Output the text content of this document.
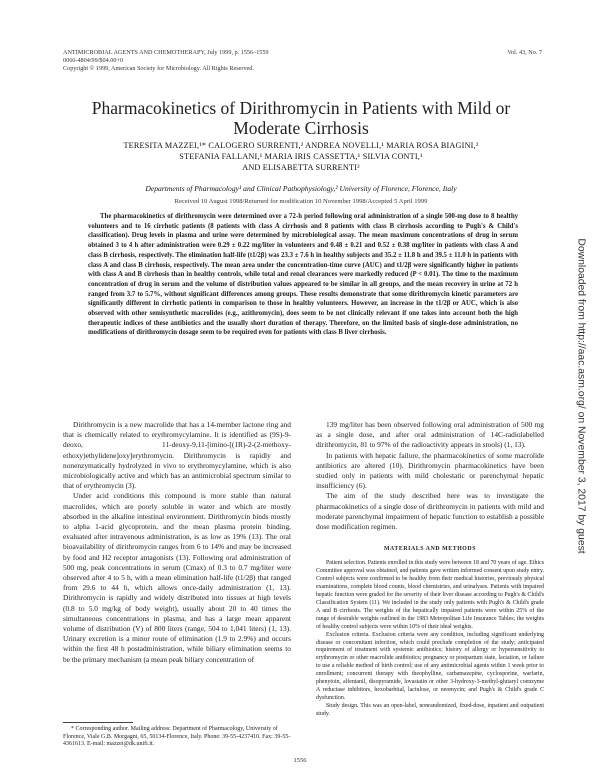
ANTIMICROBIAL AGENTS AND CHEMOTHERAPY, July 1999, p. 1556–1559
0066-4804/99/$04.00+0
Copyright © 1999, American Society for Microbiology. All Rights Reserved.
Vol. 43, No. 7
Pharmacokinetics of Dirithromycin in Patients with Mild or Moderate Cirrhosis
TERESITA MAZZEI,¹* CALOGERO SURRENTI,² ANDREA NOVELLI,¹ MARIA ROSA BIAGINI,²
STEFANIA FALLANI,¹ MARIA IRIS CASSETTA,¹ SILVIA CONTI,¹
AND ELISABETTA SURRENTI²
Departments of Pharmacology¹ and Clinical Pathophysiology,² University of Florence, Florence, Italy
Received 10 August 1998/Returned for modification 10 November 1998/Accepted 5 April 1999
The pharmacokinetics of dirithromycin were determined over a 72-h period following oral administration of a single 500-mg dose to 8 healthy volunteers and to 16 cirrhotic patients (8 patients with class A cirrhosis and 8 patients with class B cirrhosis according to Pugh's & Child's classification). Drug levels in plasma and urine were determined by microbiological assay. The mean maximum concentrations of drug in serum obtained 3 to 4 h after administration were 0.29 ± 0.22 mg/liter in volunteers and 0.48 ± 0.21 and 0.52 ± 0.38 mg/liter in patients with class A and class B cirrhosis, respectively. The elimination half-life (t1/2β) was 23.3 ± 7.6 h in healthy subjects and 35.2 ± 11.8 h and 39.5 ± 11.0 h in patients with class A and class B cirrhosis, respectively. The mean area under the concentration-time curve (AUC) and t1/2β were significantly higher in patients with class A and B cirrhosis than in healthy controls, while total and renal clearances were markedly reduced (P < 0.01). The time to the maximum concentration of drug in serum and the volume of distribution values appeared to be similar in all groups, and the mean recovery in urine at 72 h ranged from 3.7 to 5.7%, without significant differences among groups. These results demonstrate that some dirithromycin kinetic parameters are significantly different in cirrhotic patients in comparison to those in healthy volunteers. However, an increase in the t1/2β or AUC, which is also observed with other semisynthetic macrolides (e.g., azithromycin), does seem to be not clinically relevant if one takes into account both the high therapeutic indices of these antibiotics and the usually short duration of therapy. Therefore, on the limited basis of single-dose administration, no modifications of dirithromycin dosage seem to be required even for patients with class B liver cirrhosis.

Dirithromycin is a new macrolide that has a 14-member lactone ring and that is chemically related to erythromycylamine. It is identified as (9S)-9-deoxo, 11-deoxy-9,11-[imino-[(1R)-2-(2-methoxy-ethoxy)ethylidene]oxy]erythromycin. Dirithromycin is rapidly and nonenzymatically hydrolyzed in vivo to erythromycylamine, which is also microbiologically active and which has an antimicrobial spectrum similar to that of erythromycin (3).

Under acid conditions this compound is more stable than natural macrolides, which are poorly soluble in water and which are mostly absorbed in the alkaline intestinal environment. Dirithromycin binds mostly to alpha 1-acid glycoprotein, and the mean plasma protein binding, evaluated after intravenous administration, is as low as 19% (13). The oral bioavailability of dirithromycin ranges from 6 to 14% and may be increased by food and H2 receptor antagonists (13). Following oral administration of 500 mg, peak concentrations in serum (Cmax) of 0.3 to 0.7 mg/liter were observed after 4 to 5 h, with a mean elimination half-life (t1/2β) that ranged from 29.6 to 44 h, which allows once-daily administration (1, 13). Dirithromycin is rapidly and widely distributed into tissues at high levels (0.8 to 5.0 mg/kg of body weight), usually about 20 to 40 times the simultaneous concentrations in plasma, and has a large mean apparent volume of distribution (V) of 800 liters (range, 504 to 1,041 liters) (1, 13). Urinary excretion is a minor route of elimination (1.9 to 2.9%) and occurs within the first 48 h postadministration, while biliary elimination seems to be the primary mechanism (a mean peak biliary concentration of

139 mg/liter has been observed following oral administration of 500 mg as a single dose, and after oral administration of 14C-radiolabelled dirithromycin, 81 to 97% of the radioactivity appears in stools) (1, 13).

In patients with hepatic failure, the pharmacokinetics of some macrolide antibiotics are altered (10). Dirithromycin pharmacokinetics have been studied only in patients with mild cholestatic or parenchymal hepatic insufficiency (6).

The aim of the study described here was to investigate the pharmacokinetics of a single dose of dirithromycin in patients with mild and moderate parenchymal impairment of hepatic function to establish a possible dose modification regimen.

MATERIALS AND METHODS

Patient selection. Patients enrolled in this study were between 18 and 70 years of age. Ethics Committee approval was obtained, and patients gave written informed consent upon study entry. Control subjects were confirmed to be healthy from their medical histories, previously physical examinations, complete blood counts, blood chemistries, and urinalyses. Patients with impaired hepatic function were graded for the severity of their liver disease according to Pugh's & Child's Classification System (11). We included in the study only patients with Pugh's & Child's grade A and B cirrhosis. The weights of the hepatically impaired patients were within 25% of the range of desirable weights outlined in the 1983 Metropolitan Life Insurance Tables; the weights of healthy control subjects were within 10% of their ideal weights.

Exclusion criteria. Exclusion criteria were any condition, including significant underlying disease or concomitant infection, which could preclude completion of the study; anticipated requirement of treatment with systemic antibiotics; history of allergy or hypersensitivity to erythromycin or other macrolide antibiotics; pregnancy or postpartum state, lactation, or failure to use a reliable method of birth control; use of any antimicrobial agents within 1 week prior to enrollment; concurrent therapy with theophylline, carbamazepine, cyclosporine, warfarin, phenytoin, alfentanil, disopyramide, lovastatin or other 3-hydroxy-3-methyl-glutaryl coenzyme A reductase inhibitors, hexobarbital, lactulose, or neomycin; and Pugh's & Child's grade C dysfunction.

Study design. This was an open-label, nonrandomized, fixed-dose, inpatient and outpatient study.

* Corresponding author. Mailing address: Department of Pharmacology, University of Florence, Viale G.B. Morgagni, 65, 50134-Florence, Italy. Phone: 39-55-4237410. Fax: 39-55-4361613. E-mail: mazzei@dk.unifi.it.
1556
Downloaded from http://aac.asm.org/ on November 3, 2017 by guest
